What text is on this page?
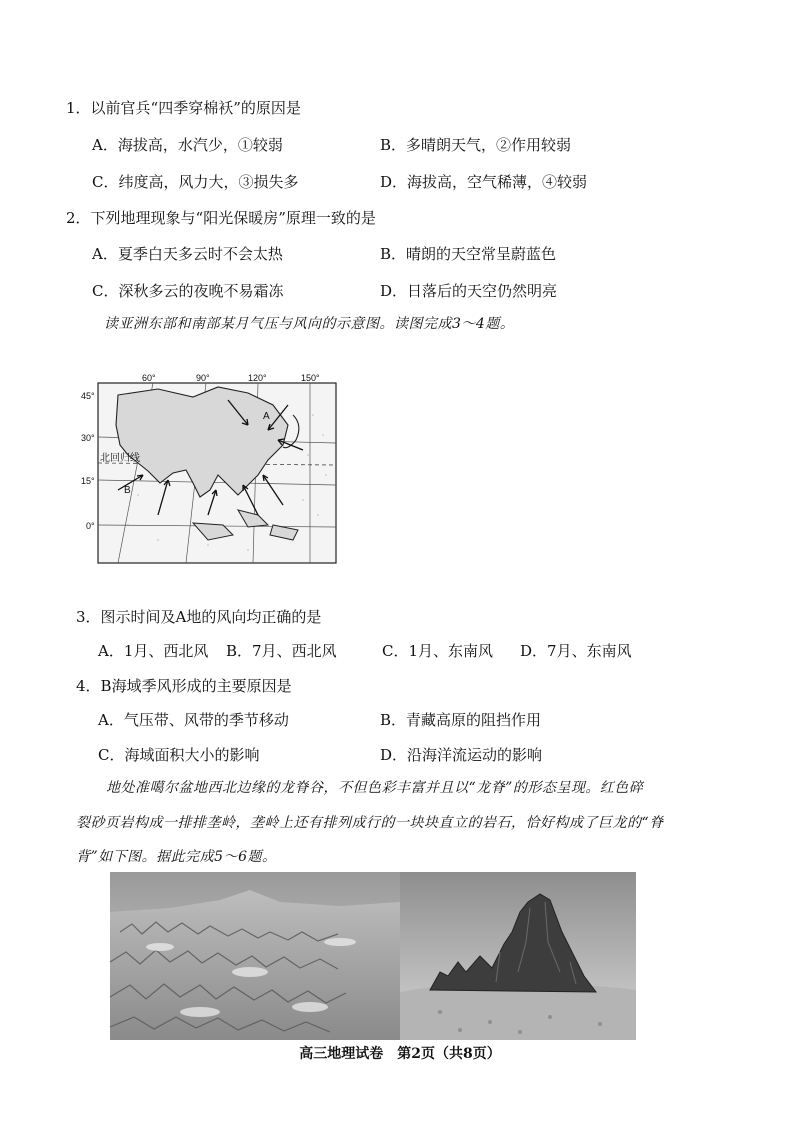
1．以前官兵“四季穿棉袄”的原因是
A．海拔高，水汽少，①较弱	B．多晴朗天气，②作用较弱
C．纬度高，风力大，③损失多	D．海拔高，空气稀薄，④较弱
2．下列地理现象与“阳光保暖房”原理一致的是
A．夏季白天多云时不会太热	B．晴朗的天空常呈蔚蓝色
C．深秋多云的夜晚不易霜冻	D．日落后的天空仍然明亮
读亚洲东部和南部某月气压与风向的示意图。读图完成3～4题。
60°	90°	120°	150°
45°
30°
15°
0°
北回归线
A
B
3．图示时间及A地的风向均正确的是
A．1月、西北风 B．7月、西北风	C．1月、东南风 D．7月、东南风
4．B海域季风形成的主要原因是
A．气压带、风带的季节移动	B．青藏高原的阻挡作用
C．海域面积大小的影响	D．沿海洋流运动的影响
地处准噶尔盆地西北边缘的龙脊谷，不但色彩丰富并且以“龙脊”的形态呈现。红色碎
裂砂页岩构成一排排垄岭，垄岭上还有排列成行的一块块直立的岩石，恰好构成了巨龙的“脊
背”如下图。据此完成5～6题。
高三地理试卷　第2页（共8页）
